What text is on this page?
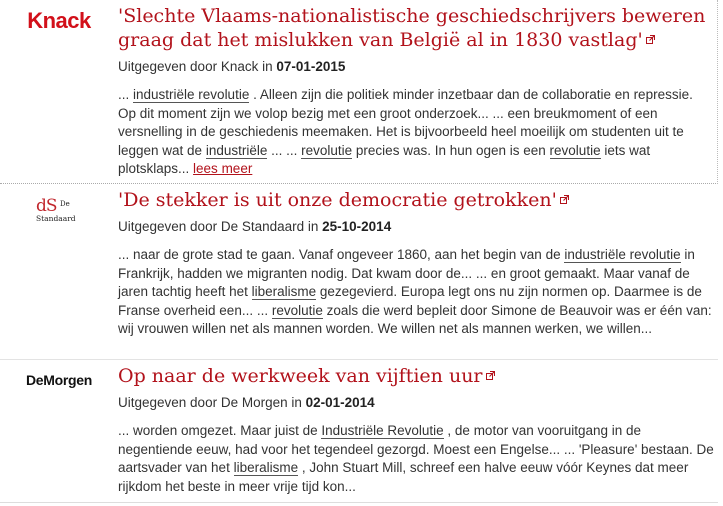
Knack	'Slechte Vlaams-nationalistische geschiedschrijvers beweren graag dat het mislukken van België al in 1830 vastlag'
Uitgegeven door Knack in 07-01-2015
... industriële revolutie . Alleen zijn die politiek minder inzetbaar dan de collaboratie en repressie. Op dit moment zijn we volop bezig met een groot onderzoek... ... een breukmoment of een versnelling in de geschiedenis meemaken. Het is bijvoorbeeld heel moeilijk om studenten uit te leggen wat de industriële ... ... revolutie precies was. In hun ogen is een revolutie iets wat plotsklaps... lees meer
dS De
Standaard
'De stekker is uit onze democratie getrokken'
Uitgegeven door De Standaard in 25-10-2014
... naar de grote stad te gaan. Vanaf ongeveer 1860, aan het begin van de industriële revolutie in Frankrijk, hadden we migranten nodig. Dat kwam door de... ... en groot gemaakt. Maar vanaf de jaren tachtig heeft het liberalisme gezegevierd. Europa legt ons nu zijn normen op. Daarmee is de Franse overheid een... ... revolutie zoals die werd bepleit door Simone de Beauvoir was er één van: wij vrouwen willen net als mannen worden. We willen net als mannen werken, we willen...
DeMorgen	Op naar de werkweek van vijftien uur
Uitgegeven door De Morgen in 02-01-2014
... worden omgezet. Maar juist de Industriële Revolutie , de motor van vooruitgang in de negentiende eeuw, had voor het tegendeel gezorgd. Moest een Engelse... ... 'Pleasure' bestaan. De aartsvader van het liberalisme , John Stuart Mill, schreef een halve eeuw vóór Keynes dat meer rijkdom het beste in meer vrije tijd kon...
